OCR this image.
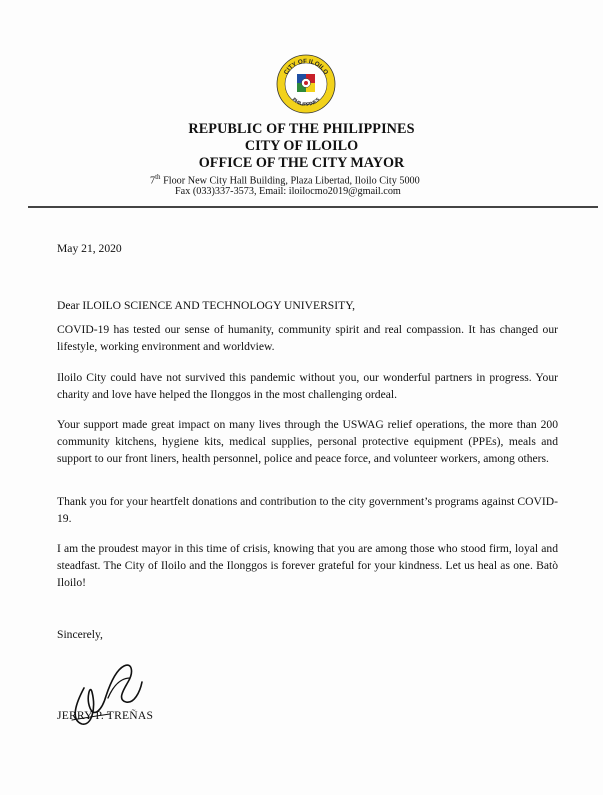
CITY OF ILOILO
PHILIPPINES
REPUBLIC OF THE PHILIPPINES
CITY OF ILOILO
OFFICE OF THE CITY MAYOR
7th Floor New City Hall Building, Plaza Libertad, Iloilo City 5000
Fax (033)337-3573, Email: iloilocmo2019@gmail.com
May 21, 2020
Dear ILOILO SCIENCE AND TECHNOLOGY UNIVERSITY,
COVID-19 has tested our sense of humanity, community spirit and real compassion. It has changed our lifestyle, working environment and worldview.
Iloilo City could have not survived this pandemic without you, our wonderful partners in progress. Your charity and love have helped the Ilonggos in the most challenging ordeal.
Your support made great impact on many lives through the USWAG relief operations, the more than 200 community kitchens, hygiene kits, medical supplies, personal protective equipment (PPEs), meals and support to our front liners, health personnel, police and peace force, and volunteer workers, among others.
Thank you for your heartfelt donations and contribution to the city government’s programs against COVID-19.
I am the proudest mayor in this time of crisis, knowing that you are among those who stood firm, loyal and steadfast. The City of Iloilo and the Ilonggos is forever grateful for your kindness. Let us heal as one. Batò Iloilo!
Sincerely,
JERRY P. TREÑAS
